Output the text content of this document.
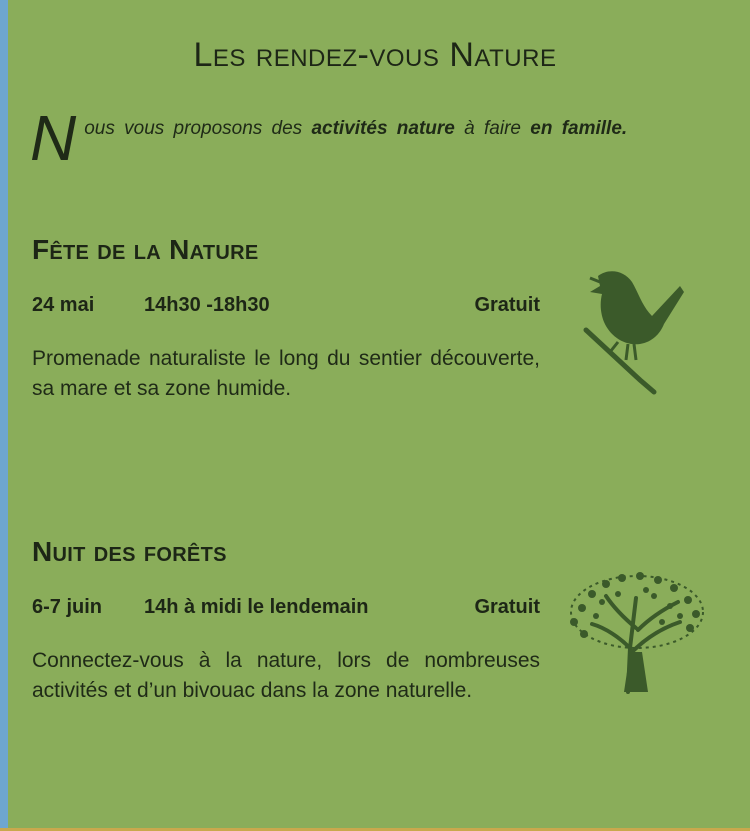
Les rendez-vous Nature
N ous vous proposons des activités nature à faire en famille.
Fête de la Nature
24 mai 14h30 -18h30	Gratuit
Promenade naturaliste le long du sentier découverte, sa mare et sa zone humide.
Nuit des forêts
6-7 juin 14h à midi le lendemain	Gratuit
Connectez-vous à la nature, lors de nombreuses activités et d’un bivouac dans la zone naturelle.
